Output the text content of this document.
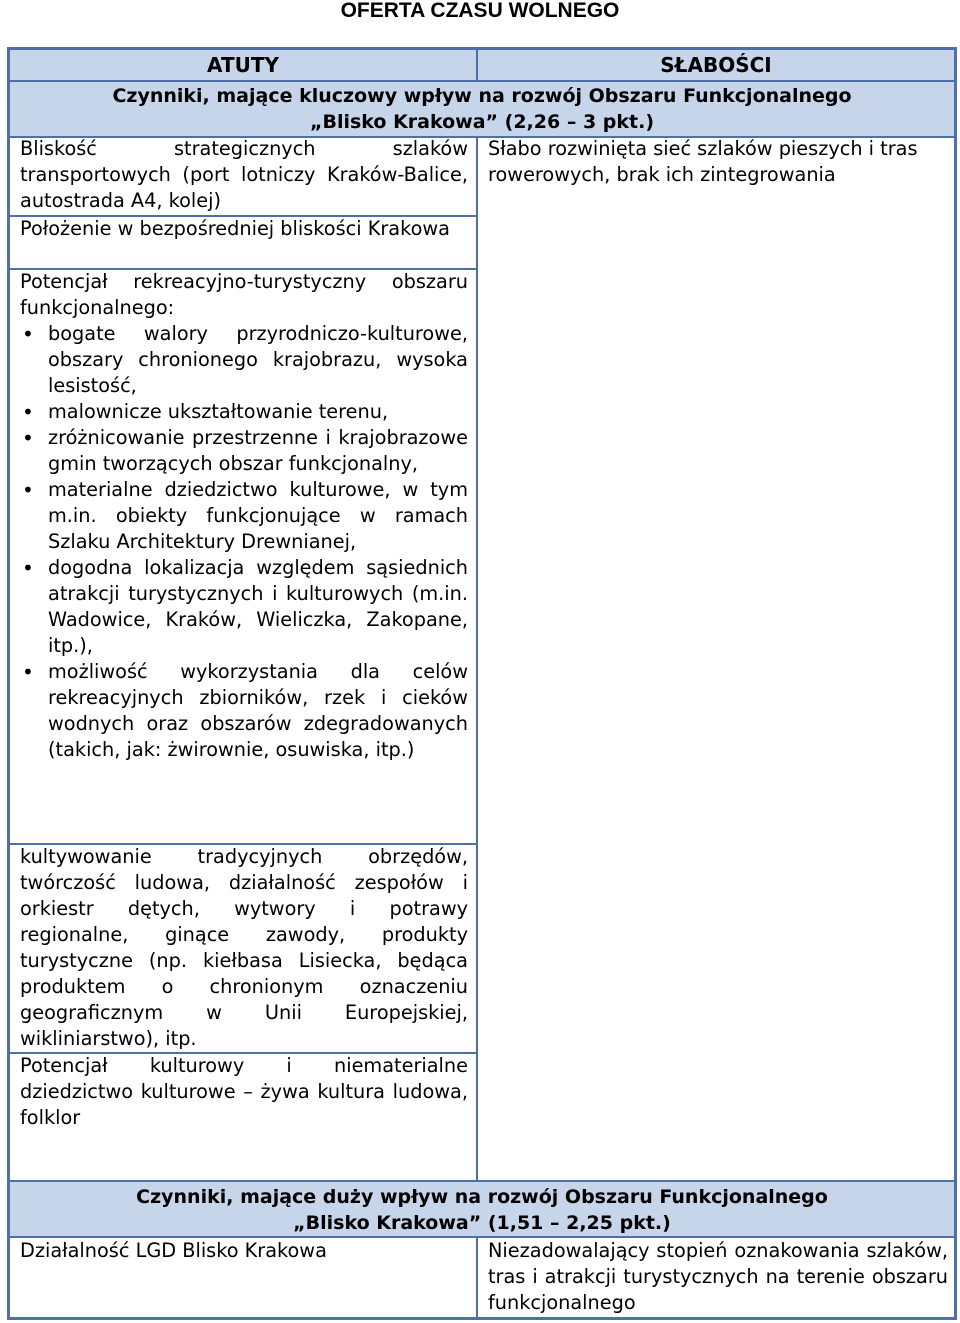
OFERTA CZASU WOLNEGO
ATUTY	SŁABOŚCI
Czynniki, mające kluczowy wpływ na rozwój Obszaru Funkcjonalnego
„Blisko Krakowa” (2,26 – 3 pkt.)

Bliskość strategicznych szlaków transportowych (port lotniczy Kraków-Balice, autostrada A4, kolej)

Położenie w bezpośredniej bliskości Krakowa

Potencjał rekreacyjno-turystyczny obszaru funkcjonalnego:

• bogate walory przyrodniczo-kulturowe, obszary chronionego krajobrazu, wysoka lesistość,
• malownicze ukształtowanie terenu,
• zróżnicowanie przestrzenne i krajobrazowe gmin tworzących obszar funkcjonalny,
• materialne dziedzictwo kulturowe, w tym m.in. obiekty funkcjonujące w ramach Szlaku Architektury Drewnianej,
• dogodna lokalizacja względem sąsiednich atrakcji turystycznych i kulturowych (m.in. Wadowice, Kraków, Wieliczka, Zakopane, itp.),
• możliwość wykorzystania dla celów rekreacyjnych zbiorników, rzek i cieków wodnych oraz obszarów zdegradowanych (takich, jak: żwirownie, osuwiska, itp.)

kultywowanie tradycyjnych obrzędów, twórczość ludowa, działalność zespołów i orkiestr dętych, wytwory i potrawy regionalne, ginące zawody, produkty turystyczne (np. kiełbasa Lisiecka, będąca produktem o chronionym oznaczeniu geograficznym w Unii Europejskiej, wikliniarstwo), itp.

Potencjał kulturowy i niematerialne dziedzictwo kulturowe – żywa kultura ludowa, folklor

Słabo rozwinięta sieć szlaków pieszych i tras rowerowych, brak ich zintegrowania

Czynniki, mające duży wpływ na rozwój Obszaru Funkcjonalnego
„Blisko Krakowa” (1,51 – 2,25 pkt.)

Działalność LGD Blisko Krakowa	Niezadowalający stopień oznakowania szlaków, tras i atrakcji turystycznych na terenie obszaru funkcjonalnego
